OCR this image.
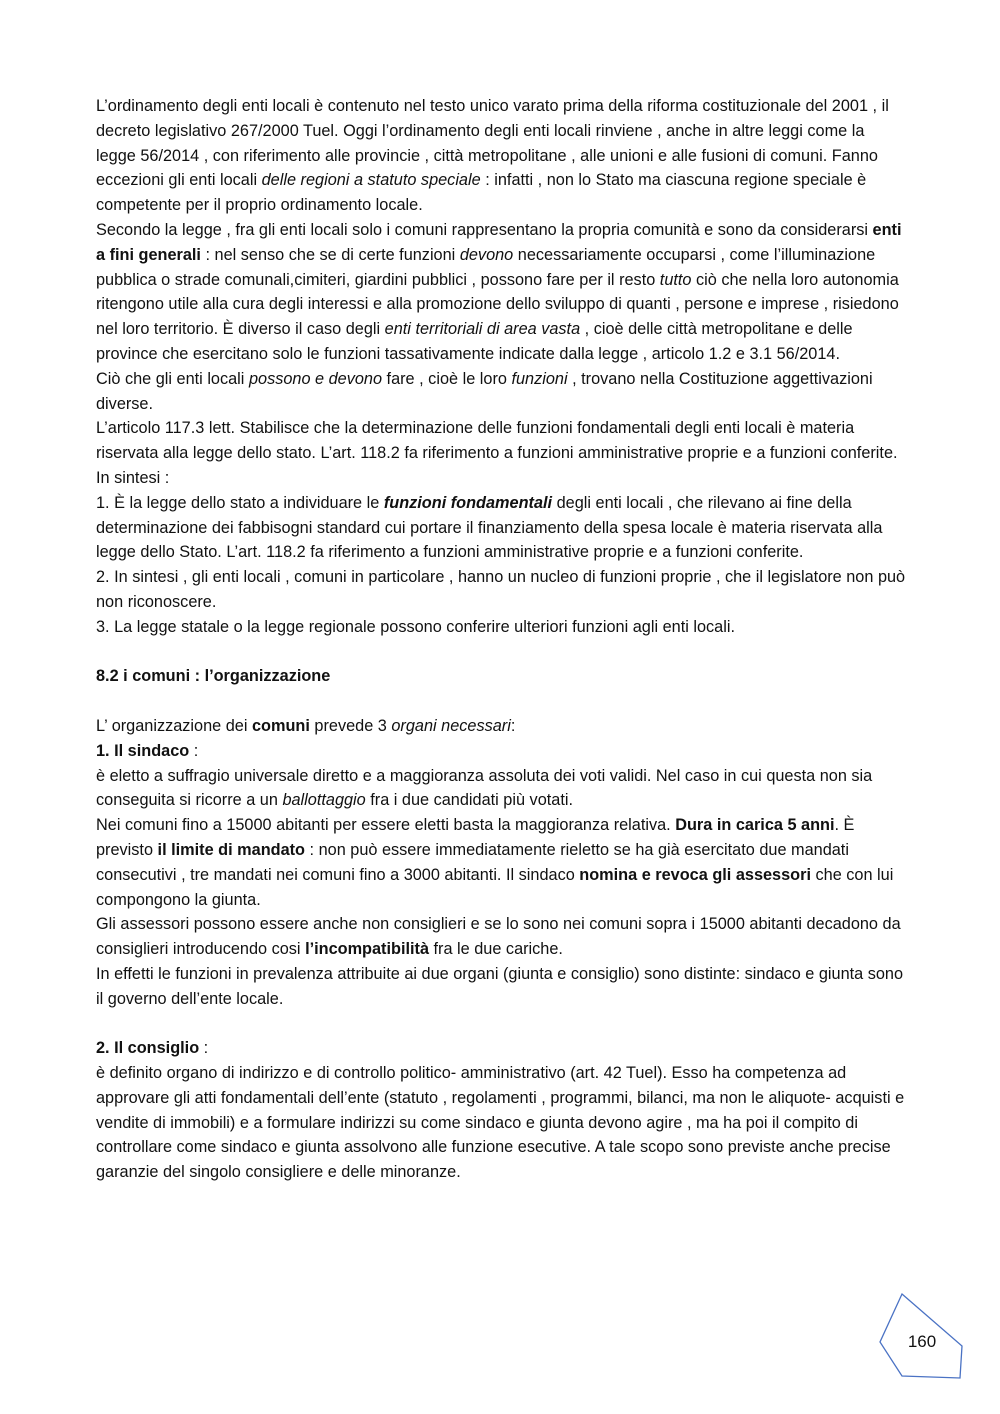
L’ordinamento degli enti locali è contenuto nel testo unico varato prima della riforma costituzionale del 2001 , il decreto legislativo 267/2000 Tuel. Oggi l’ordinamento degli enti locali rinviene , anche in altre leggi come la legge 56/2014 , con riferimento alle provincie , città metropolitane , alle unioni e alle fusioni di comuni. Fanno eccezioni gli enti locali delle regioni a statuto speciale : infatti , non lo Stato ma ciascuna regione speciale è competente per il proprio ordinamento locale.

Secondo la legge , fra gli enti locali solo i comuni rappresentano la propria comunità e sono da considerarsi enti a fini generali : nel senso che se di certe funzioni devono necessariamente occuparsi , come l’illuminazione pubblica o strade comunali,cimiteri, giardini pubblici , possono fare per il resto tutto ciò che nella loro autonomia ritengono utile alla cura degli interessi e alla promozione dello sviluppo di quanti , persone e imprese , risiedono nel loro territorio. È diverso il caso degli enti territoriali di area vasta , cioè delle città metropolitane e delle province che esercitano solo le funzioni tassativamente indicate dalla legge , articolo 1.2 e 3.1 56/2014.

Ciò che gli enti locali possono e devono fare , cioè le loro funzioni , trovano nella Costituzione aggettivazioni diverse.

L’articolo 117.3 lett. Stabilisce che la determinazione delle funzioni fondamentali degli enti locali è materia riservata alla legge dello stato. L’art. 118.2 fa riferimento a funzioni amministrative proprie e a funzioni conferite. In sintesi :

1. È la legge dello stato a individuare le funzioni fondamentali degli enti locali , che rilevano ai fine della determinazione dei fabbisogni standard cui portare il finanziamento della spesa locale è materia riservata alla legge dello Stato. L’art. 118.2 fa riferimento a funzioni amministrative proprie e a funzioni conferite.

2. In sintesi , gli enti locali , comuni in particolare , hanno un nucleo di funzioni proprie , che il legislatore non può non riconoscere.

3. La legge statale o la legge regionale possono conferire ulteriori funzioni agli enti locali.

8.2 i comuni : l’organizzazione

L’ organizzazione dei comuni prevede 3 organi necessari:

1. Il sindaco :

è eletto a suffragio universale diretto e a maggioranza assoluta dei voti validi. Nel caso in cui questa non sia conseguita si ricorre a un ballottaggio fra i due candidati più votati.

Nei comuni fino a 15000 abitanti per essere eletti basta la maggioranza relativa. Dura in carica 5 anni. È previsto il limite di mandato : non può essere immediatamente rieletto se ha già esercitato due mandati consecutivi , tre mandati nei comuni fino a 3000 abitanti. Il sindaco nomina e revoca gli assessori che con lui compongono la giunta.

Gli assessori possono essere anche non consiglieri e se lo sono nei comuni sopra i 15000 abitanti decadono da consiglieri introducendo cosi l’incompatibilità fra le due cariche.

In effetti le funzioni in prevalenza attribuite ai due organi (giunta e consiglio) sono distinte: sindaco e giunta sono il governo dell’ente locale.

2. Il consiglio :

è definito organo di indirizzo e di controllo politico- amministrativo (art. 42 Tuel). Esso ha competenza ad approvare gli atti fondamentali dell’ente (statuto , regolamenti , programmi, bilanci, ma non le aliquote- acquisti e vendite di immobili) e a formulare indirizzi su come sindaco e giunta devono agire , ma ha poi il compito di controllare come sindaco e giunta assolvono alle funzione esecutive. A tale scopo sono previste anche precise garanzie del singolo consigliere e delle minoranze.

160
